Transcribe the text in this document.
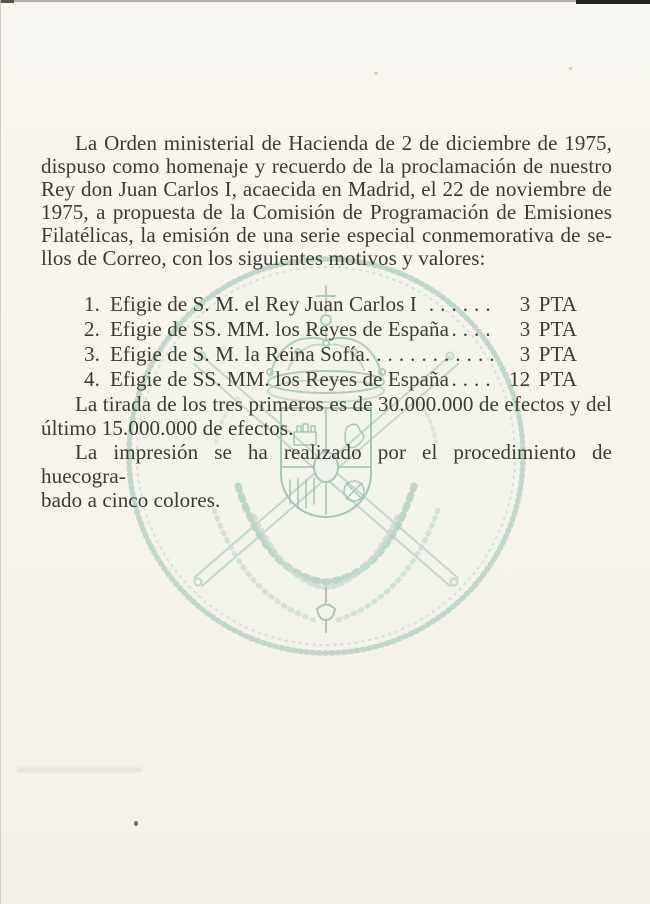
La Orden ministerial de Hacienda de 2 de diciembre de 1975,
dispuso como homenaje y recuerdo de la proclamación de nuestro
Rey don Juan Carlos I, acaecida en Madrid, el 22 de noviembre de
1975, a propuesta de la Comisión de Programación de Emisiones
Filatélicas, la emisión de una serie especial conmemorativa de se-
llos de Correo, con los siguientes motivos y valores:

1. Efigie de S. M. el Rey Juan Carlos I . . . . . .	3 PTA
2. Efigie de SS. MM. los Reyes de España . . . .	3 PTA
3. Efigie de S. M. la Reina Sofía . . . . . . . . . . . .	3 PTA
4. Efigie de SS. MM. los Reyes de España . . . . 12 PTA

La tirada de los tres primeros es de 30.000.000 de efectos y del
último 15.000.000 de efectos.

La impresión se ha realizado por el procedimiento de huecogra-
bado a cinco colores.
